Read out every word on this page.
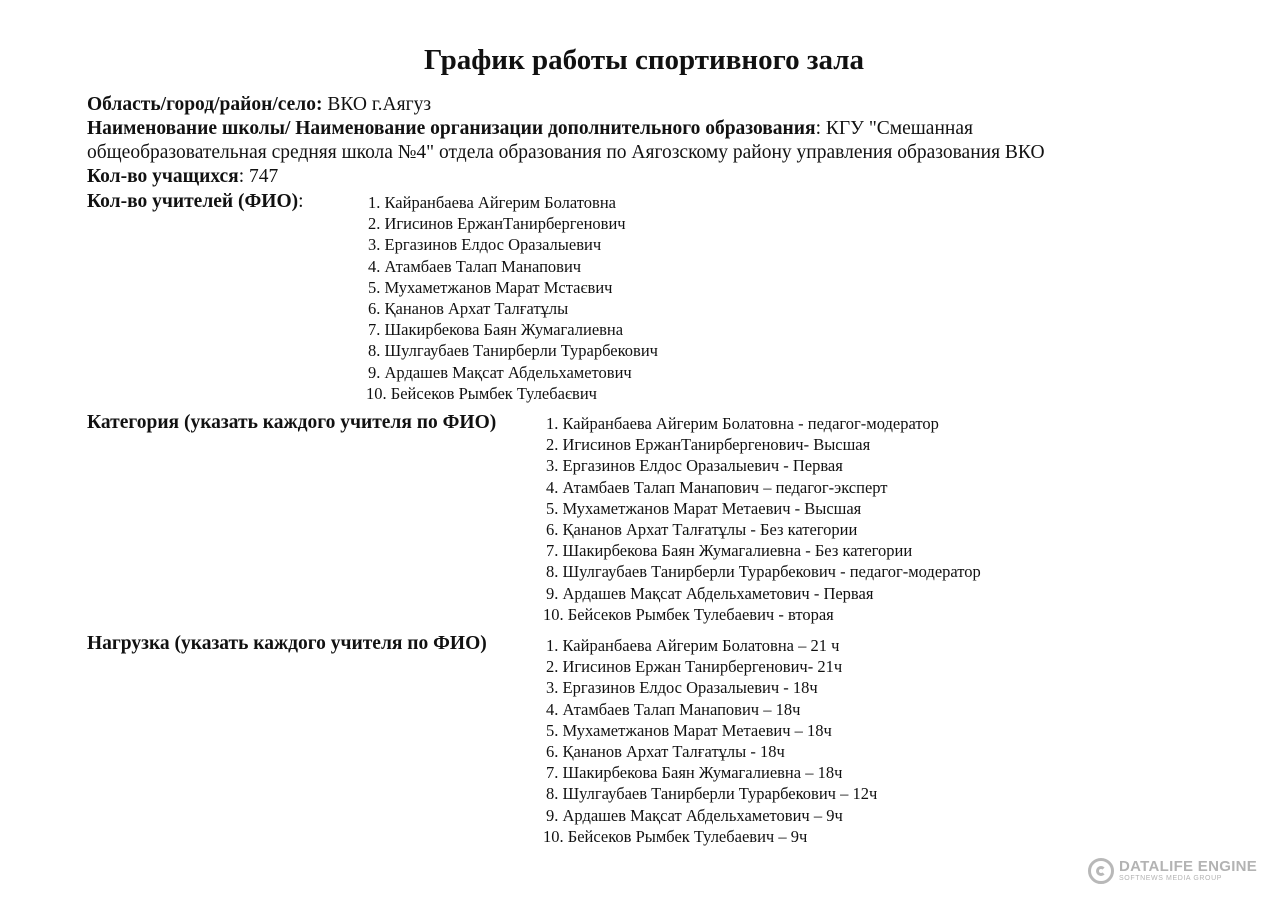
График работы спортивного зала
Область/город/район/село: ВКО г.Аягуз
Наименование школы/ Наименование организации дополнительного образования: КГУ "Смешанная
общеобразовательная средняя школа №4" отдела образования по Аягозскому району управления образования ВКО
Кол-во учащихся: 747
Кол-во учителей (ФИО):	1. Кайранбаева Айгерим Болатовна
2. Игисинов ЕржанТанирбергенович
3. Ергазинов Елдос Оразалыевич
4. Атамбаев Талап Манапович
5. Мухаметжанов Марат Мстаєвич
6. Қананов Архат Талғатұлы
7. Шакирбекова Баян Жумагалиевна
8. Шулгаубаев Танирберли Турарбекович
9. Ардашев Мақсат Абдельхаметович
10. Бейсеков Рымбек Тулебаєвич
Категория (указать каждого учителя по ФИО)	1. Кайранбаева Айгерим Болатовна - педагог-модератор
2. Игисинов ЕржанТанирбергенович- Высшая
3. Ергазинов Елдос Оразалыевич - Первая
4. Атамбаев Талап Манапович – педагог-эксперт
5. Мухаметжанов Марат Метаевич - Высшая
6. Қананов Архат Талғатұлы - Без категории
7. Шакирбекова Баян Жумагалиевна - Без категории
8. Шулгаубаев Танирберли Турарбекович - педагог-модератор
9. Ардашев Мақсат Абдельхаметович - Первая
10. Бейсеков Рымбек Тулебаевич - вторая
Нагрузка (указать каждого учителя по ФИО)	1. Кайранбаева Айгерим Болатовна – 21 ч
2. Игисинов Ержан Танирбергенович- 21ч
3. Ергазинов Елдос Оразалыевич - 18ч
4. Атамбаев Талап Манапович – 18ч
5. Мухаметжанов Марат Метаевич – 18ч
6. Қананов Архат Талғатұлы - 18ч
7. Шакирбекова Баян Жумагалиевна – 18ч
8. Шулгаубаев Танирберли Турарбекович – 12ч
9. Ардашев Мақсат Абдельхаметович – 9ч
10. Бейсеков Рымбек Тулебаевич – 9ч
DATALIFE ENGINE
SOFTNEWS MEDIA GROUP
